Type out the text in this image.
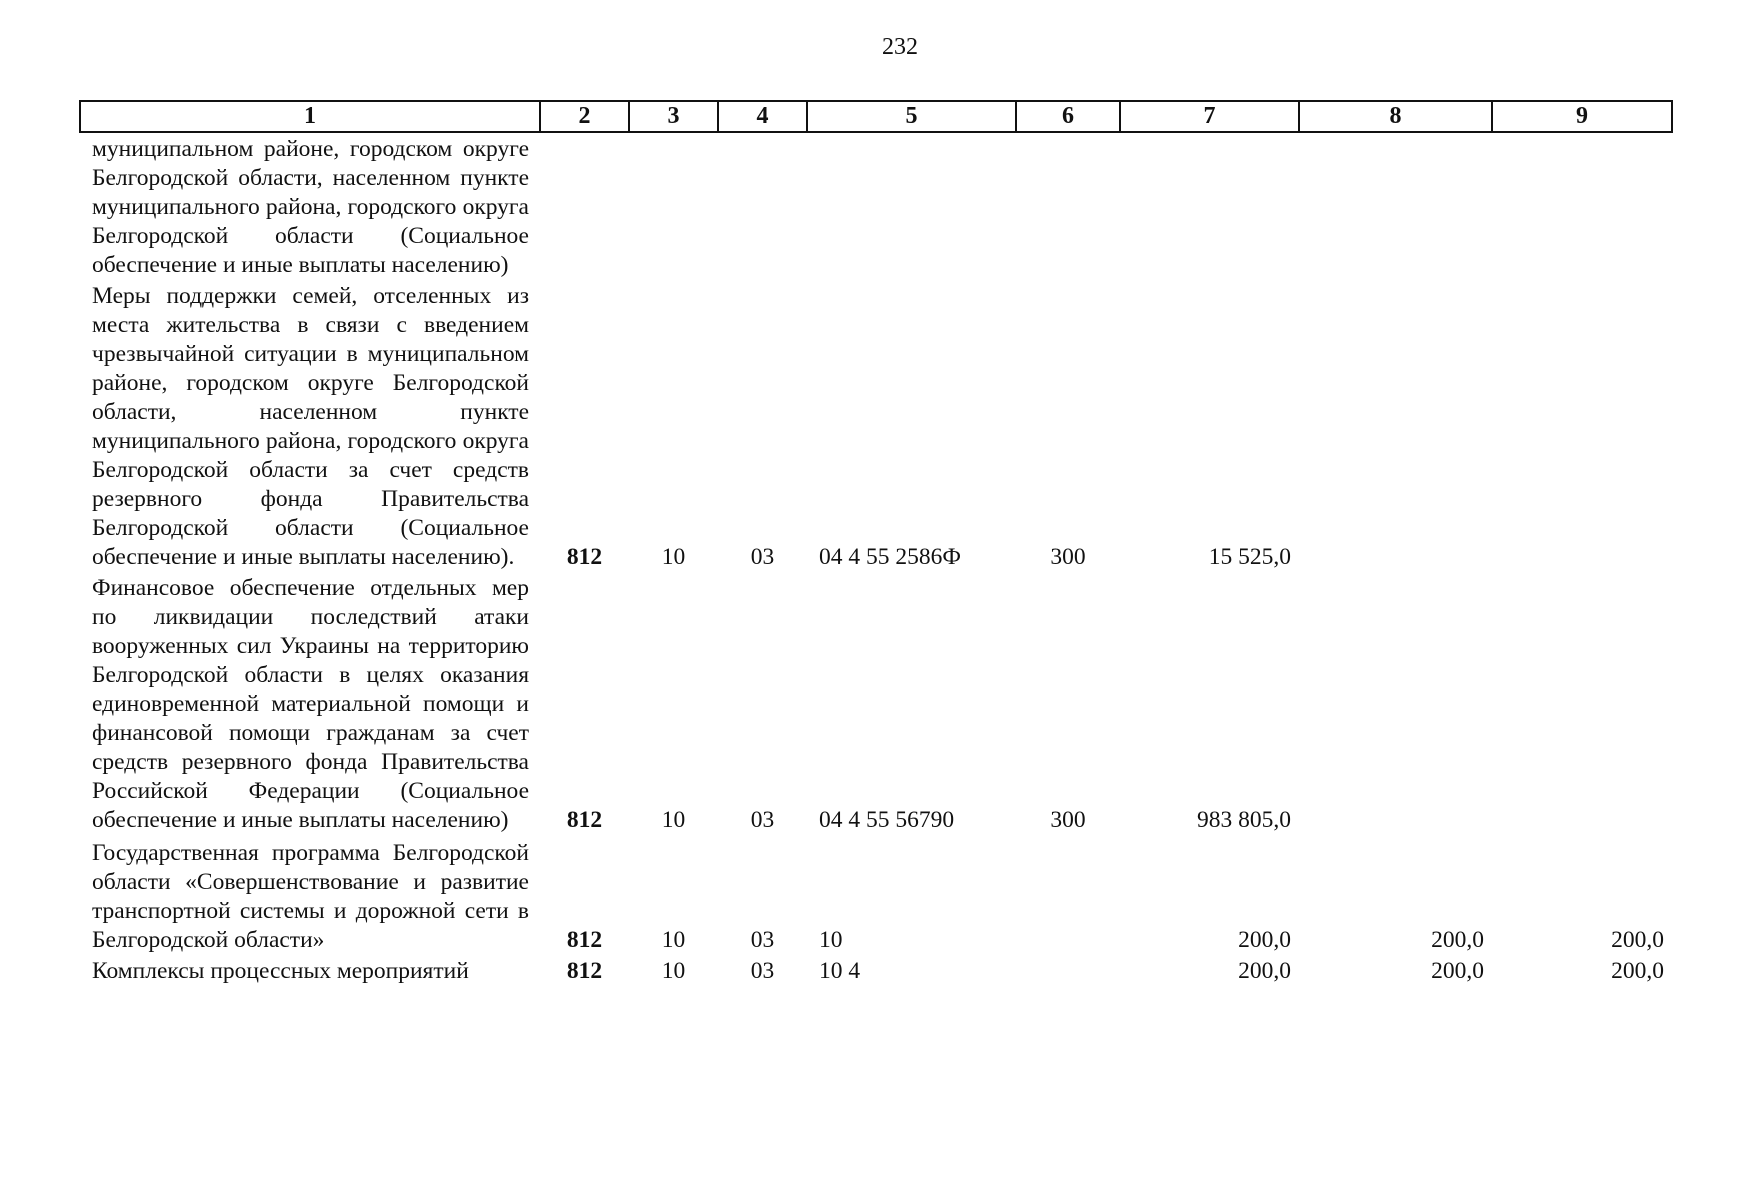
232
1	2	3	4	5	6	7	8	9
муниципальном районе, городском округе Белгородской области, населенном пункте муниципального района, городского округа Белгородской области (Социальное обеспечение и иные выплаты населению)								
Меры поддержки семей, отселенных из места жительства в связи с введением чрезвычайной ситуации в муниципальном районе, городском округе Белгородской области, населенном пункте муниципального района, городского округа Белгородской области за счет средств резервного фонда Правительства Белгородской области (Социальное обеспечение и иные выплаты населению).	812	10	03	04 4 55 2586Ф	300	15 525,0		
Финансовое обеспечение отдельных мер по ликвидации последствий атаки вооруженных сил Украины на территорию Белгородской области в целях оказания единовременной материальной помощи и финансовой помощи гражданам за счет средств резервного фонда Правительства Российской Федерации (Социальное обеспечение и иные выплаты населению)	812	10	03	04 4 55 56790	300	983 805,0		
Государственная программа Белгородской области «Совершенствование и развитие транспортной системы и дорожной сети в Белгородской области»	812	10	03	10		200,0	200,0	200,0
Комплексы процессных мероприятий	812	10	03	10 4		200,0	200,0	200,0
